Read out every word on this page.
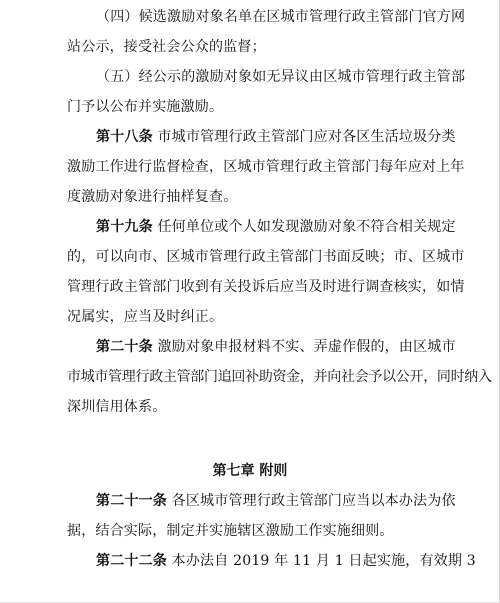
（四）候选激励对象名单在区城市管理行政主管部门官方网
站公示，接受社会公众的监督；
（五）经公示的激励对象如无异议由区城市管理行政主管部
门予以公布并实施激励。
第十八条 市城市管理行政主管部门应对各区生活垃圾分类
激励工作进行监督检查，区城市管理行政主管部门每年应对上年
度激励对象进行抽样复查。
第十九条 任何单位或个人如发现激励对象不符合相关规定
的，可以向市、区城市管理行政主管部门书面反映；市、区城市
管理行政主管部门收到有关投诉后应当及时进行调查核实，如情
况属实，应当及时纠正。
第二十条 激励对象申报材料不实、弄虚作假的，由区城市
市城市管理行政主管部门追回补助资金，并向社会予以公开，同时纳入
深圳信用体系。
第七章 附则
第二十一条 各区城市管理行政主管部门应当以本办法为依
据，结合实际，制定并实施辖区激励工作实施细则。
第二十二条 本办法自 2019 年 11 月 1 日起实施，有效期 3
